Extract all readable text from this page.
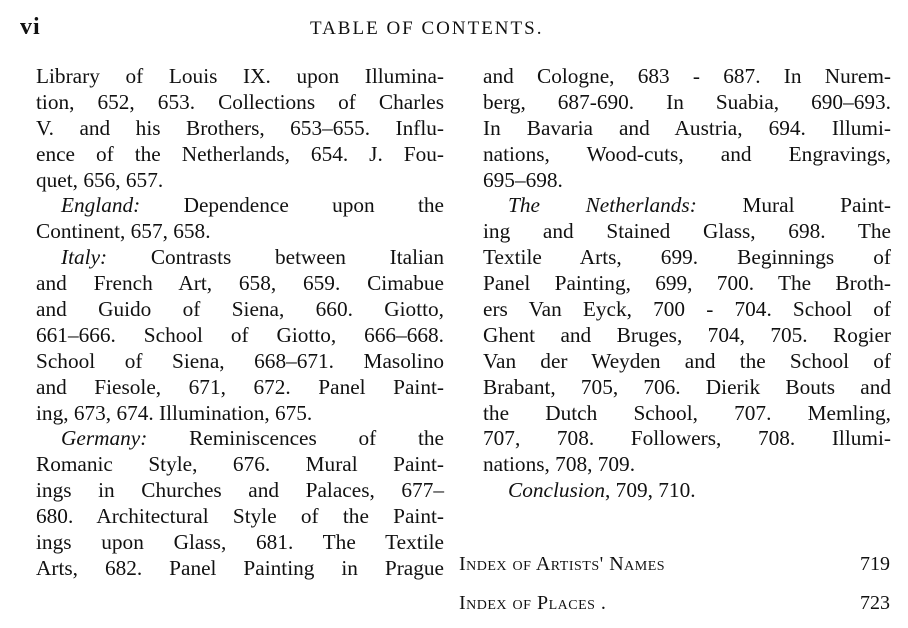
vi	TABLE OF CONTENTS.
Library of Louis IX. upon Illumina-
tion, 652, 653. Collections of Charles
V. and his Brothers, 653–655. Influ-
ence of the Netherlands, 654. J. Fou-
quet, 656, 657.
England: Dependence upon the
Continent, 657, 658.
Italy: Contrasts between Italian
and French Art, 658, 659. Cimabue
and Guido of Siena, 660. Giotto,
661–666. School of Giotto, 666–668.
School of Siena, 668–671. Masolino
and Fiesole, 671, 672. Panel Paint-
ing, 673, 674. Illumination, 675.
Germany: Reminiscences of the
Romanic Style, 676. Mural Paint-
ings in Churches and Palaces, 677–
680. Architectural Style of the Paint-
ings upon Glass, 681. The Textile
Arts, 682. Panel Painting in Prague
and Cologne, 683 - 687. In Nurem-
berg, 687-690. In Suabia, 690–693.
In Bavaria and Austria, 694. Illumi-
nations, Wood-cuts, and Engravings,
695–698.
The Netherlands: Mural Paint-
ing and Stained Glass, 698. The
Textile Arts, 699. Beginnings of
Panel Painting, 699, 700. The Broth-
ers Van Eyck, 700 - 704. School of
Ghent and Bruges, 704, 705. Rogier
Van der Weyden and the School of
Brabant, 705, 706. Dierik Bouts and
the Dutch School, 707. Memling,
707, 708. Followers, 708. Illumi-
nations, 708, 709.
Conclusion, 709, 710.
Index of Artists' Names	719
Index of Places .	723
